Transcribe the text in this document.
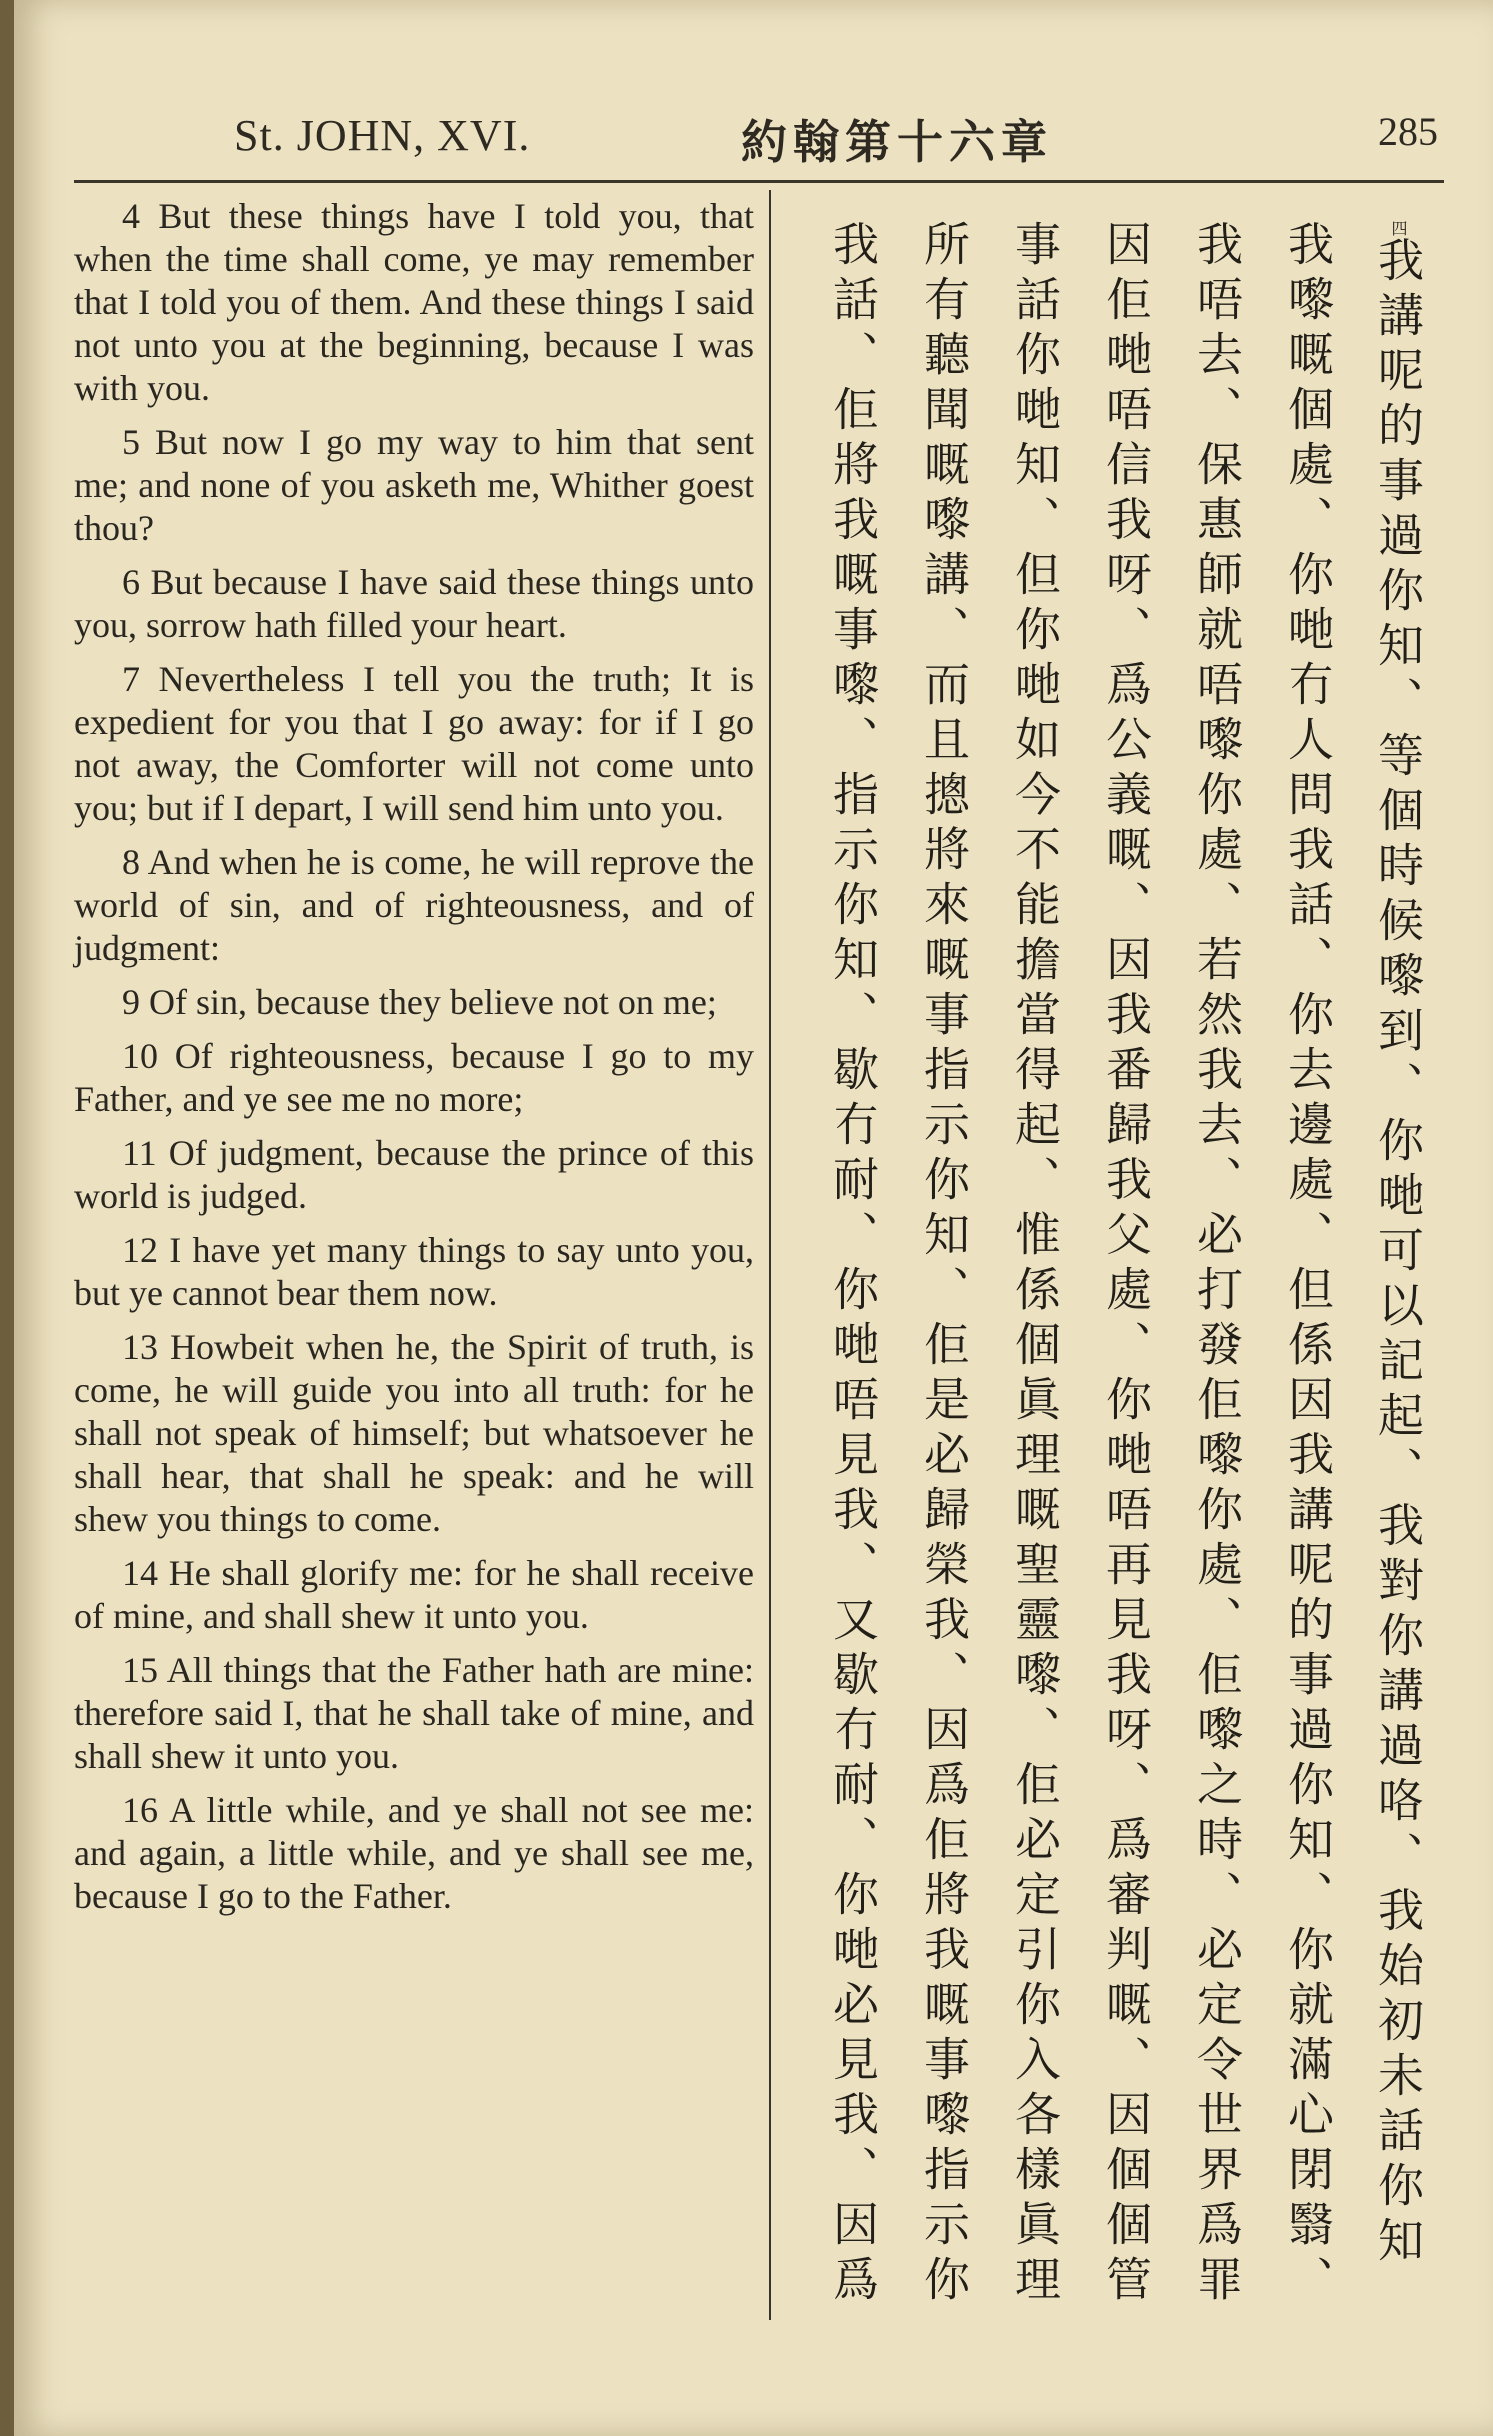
St. JOHN, XVI.	約翰第十六章	285

4 But these things have I told you, that when the time shall come, ye may remember that I told you of them. And these things I said not unto you at the beginning, because I was with you.

5 But now I go my way to him that sent me; and none of you asketh me, Whither goest thou?

6 But because I have said these things unto you, sorrow hath filled your heart.

7 Nevertheless I tell you the truth; It is expedient for you that I go away: for if I go not away, the Comforter will not come unto you; but if I depart, I will send him unto you.

8 And when he is come, he will reprove the world of sin, and of righteousness, and of judgment:

9 Of sin, because they believe not on me;

10 Of righteousness, because I go to my Father, and ye see me no more;

11 Of judgment, because the prince of this world is judged.

12 I have yet many things to say unto you, but ye cannot bear them now.

13 Howbeit when he, the Spirit of truth, is come, he will guide you into all truth: for he shall not speak of himself; but whatsoever he shall hear, that shall he speak: and he will shew you things to come.

14 He shall glorify me: for he shall receive of mine, and shall shew it unto you.

15 All things that the Father hath are mine: therefore said I, that he shall take of mine, and shall shew it unto you.

16 A little while, and ye shall not see me: and again, a little while, and ye shall see me, because I go to the Father.

四我講呢的事過你知、等個時候嚟到、你哋可以記起、我對你講過咯、我始初未話你知
我嚟嘅個處、你哋冇人問我話、你去邊處、但係因我講呢的事過你知、你就滿心閉翳、
我唔去、保惠師就唔嚟你處、若然我去、必打發佢嚟你處、佢嚟之時、必定令世界爲罪
因佢哋唔信我呀、爲公義嘅、因我番歸我父處、你哋唔再見我呀、爲審判嘅、因個個管
事話你哋知、但你哋如今不能擔當得起、惟係個眞理嘅聖靈嚟、佢必定引你入各樣眞理
所有聽聞嘅嚟講、而且摠將來嘅事指示你知、佢是必歸榮我、因爲佢將我嘅事嚟指示你
我話、佢將我嘅事嚟、指示你知、歇冇耐、你哋唔見我、又歇冇耐、你哋必見我、因爲
